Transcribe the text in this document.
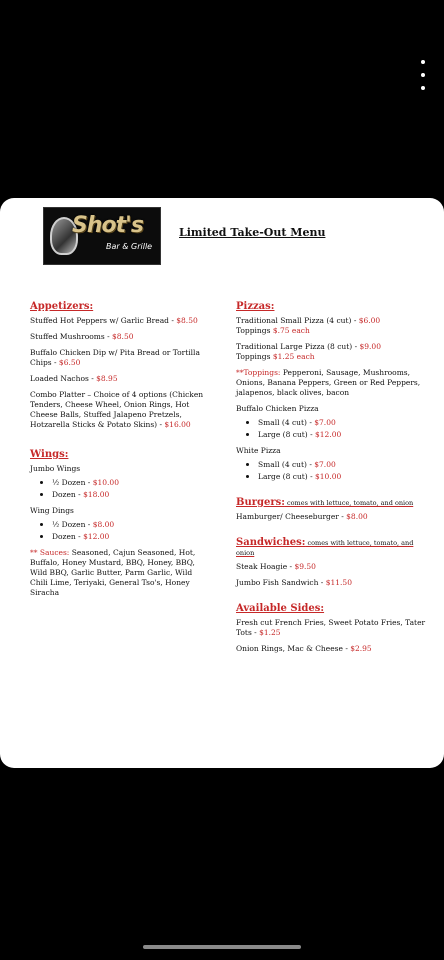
Shot's
Bar & Grille
Limited Take-Out Menu
Appetizers:
Stuffed Hot Peppers w/ Garlic Bread - $8.50
Stuffed Mushrooms - $8.50
Buffalo Chicken Dip w/ Pita Bread or Tortilla Chips - $6.50
Loaded Nachos - $8.95
Combo Platter – Choice of 4 options (Chicken Tenders, Cheese Wheel, Onion Rings, Hot Cheese Balls, Stuffed Jalapeno Pretzels, Hotzarella Sticks & Potato Skins) - $16.00
Wings:
Jumbo Wings
½ Dozen - $10.00
Dozen - $18.00
Wing Dings
½ Dozen - $8.00
Dozen - $12.00
** Sauces: Seasoned, Cajun Seasoned, Hot, Buffalo, Honey Mustard, BBQ, Honey, BBQ, Wild BBQ, Garlic Butter, Parm Garlic, Wild Chili Lime, Teriyaki, General Tso's, Honey Siracha
Pizzas:
Traditional Small Pizza (4 cut) - $6.00
Toppings $.75 each
Traditional Large Pizza (8 cut) - $9.00
Toppings $1.25 each
**Toppings: Pepperoni, Sausage, Mushrooms, Onions, Banana Peppers, Green or Red Peppers, jalapenos, black olives, bacon
Buffalo Chicken Pizza
Small (4 cut) - $7.00
Large (8 cut) - $12.00
White Pizza
Small (4 cut) - $7.00
Large (8 cut) - $10.00
Burgers: comes with lettuce, tomato, and onion
Hamburger/ Cheeseburger - $8.00
Sandwiches: comes with lettuce, tomato, and onion
Steak Hoagie - $9.50
Jumbo Fish Sandwich - $11.50
Available Sides:
Fresh cut French Fries, Sweet Potato Fries, Tater Tots - $1.25
Onion Rings, Mac & Cheese - $2.95
